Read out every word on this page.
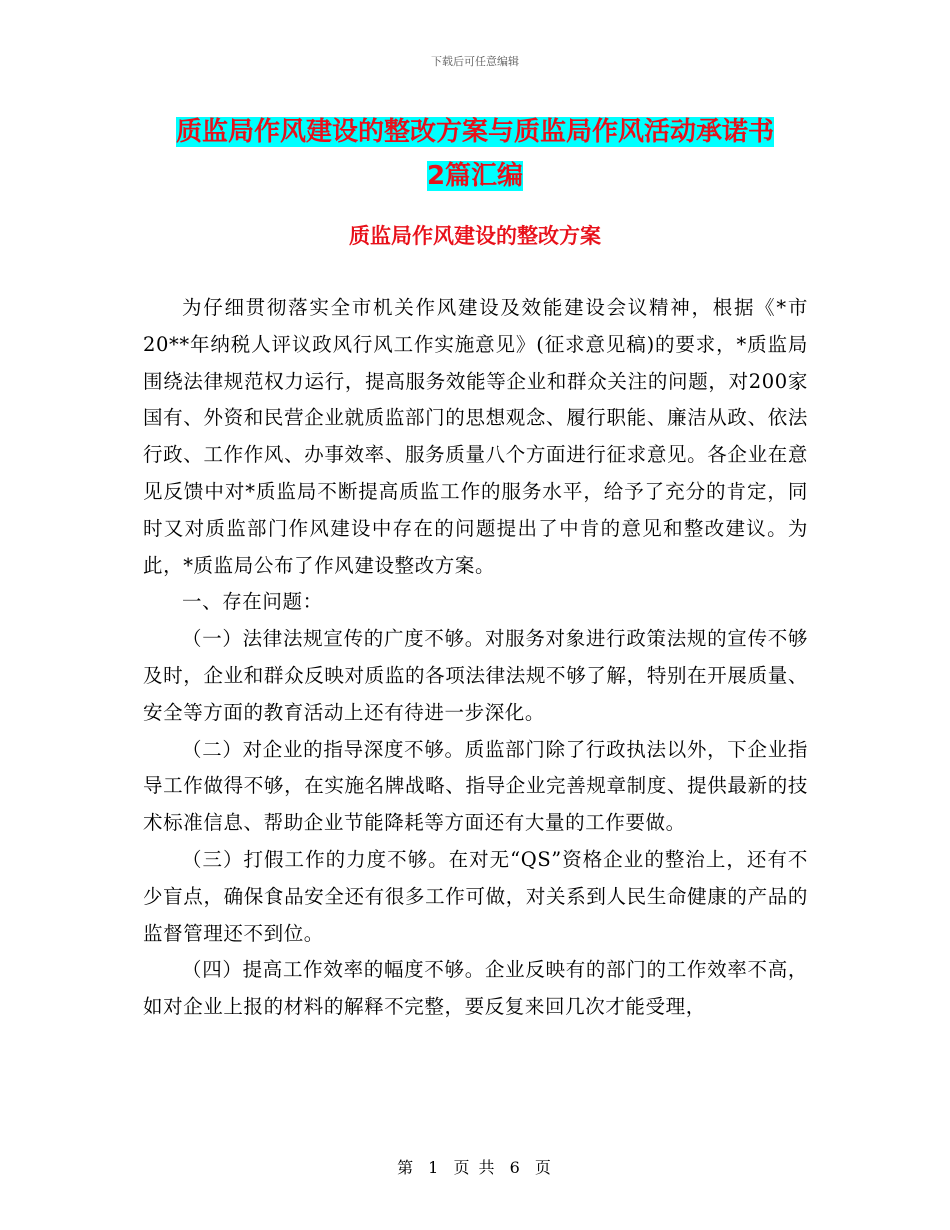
下载后可任意编辑
质监局作风建设的整改方案与质监局作风活动承诺书
2篇汇编
质监局作风建设的整改方案

为仔细贯彻落实全市机关作风建设及效能建设会议精神，根据《*市20**年纳税人评议政风行风工作实施意见》(征求意见稿)的要求，*质监局围绕法律规范权力运行，提高服务效能等企业和群众关注的问题，对200家国有、外资和民营企业就质监部门的思想观念、履行职能、廉洁从政、依法行政、工作作风、办事效率、服务质量八个方面进行征求意见。各企业在意见反馈中对*质监局不断提高质监工作的服务水平，给予了充分的肯定，同时又对质监部门作风建设中存在的问题提出了中肯的意见和整改建议。为此，*质监局公布了作风建设整改方案。

一、存在问题：

（一）法律法规宣传的广度不够。对服务对象进行政策法规的宣传不够及时，企业和群众反映对质监的各项法律法规不够了解，特别在开展质量、安全等方面的教育活动上还有待进一步深化。

（二）对企业的指导深度不够。质监部门除了行政执法以外，下企业指导工作做得不够，在实施名牌战略、指导企业完善规章制度、提供最新的技术标准信息、帮助企业节能降耗等方面还有大量的工作要做。

（三）打假工作的力度不够。在对无“QS”资格企业的整治上，还有不少盲点，确保食品安全还有很多工作可做，对关系到人民生命健康的产品的监督管理还不到位。

（四）提高工作效率的幅度不够。企业反映有的部门的工作效率不高，如对企业上报的材料的解释不完整，要反复来回几次才能受理，

第 1 页 共 6 页
